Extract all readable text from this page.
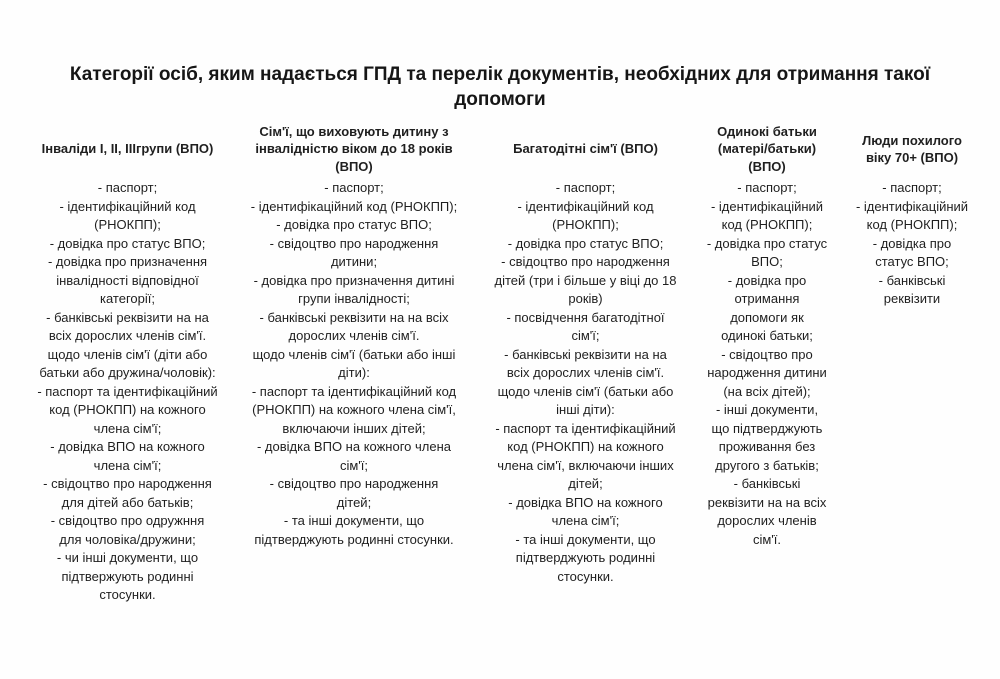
Категорії осіб, яким надається ГПД та перелік документів, необхідних для отримання такої
допомоги
Інваліди І, ІІ, ІІІгрупи (ВПО)
- паспорт;
- ідентифікаційний код
(РНОКПП);
- довідка про статус ВПО;
- довідка про призначення
інвалідності відповідної
категорії;
- банківські реквізити на на
всіх дорослих членів сім'ї.
щодо членів сім'ї (діти або
батьки або дружина/чоловік):
- паспорт та ідентифікаційний
код (РНОКПП) на кожного
члена сім'ї;
- довідка ВПО на кожного
члена сім'ї;
- свідоцтво про народження
для дітей або батьків;
- свідоцтво про одружння
для чоловіка/дружини;
- чи інші документи, що
підтвержують родинні
стосунки.
Сім'ї, що виховують дитину з
інвалідністю віком до 18 років
(ВПО)
- паспорт;
- ідентифікаційний код (РНОКПП);
- довідка про статус ВПО;
- свідоцтво про народження
дитини;
- довідка про призначення дитині
групи інвалідності;
- банківські реквізити на на всіх
дорослих членів сім'ї.
щодо членів сім'ї (батьки або інші
діти):
- паспорт та ідентифікаційний код
(РНОКПП) на кожного члена сім'ї,
включаючи інших дітей;
- довідка ВПО на кожного члена
сім'ї;
- свідоцтво про народження
дітей;
- та інші документи, що
підтверджують родинні стосунки.
Багатодітні сім'ї (ВПО)
- паспорт;
- ідентифікаційний код
(РНОКПП);
- довідка про статус ВПО;
- свідоцтво про народження
дітей (три і більше у віці до 18
років)
- посвідчення багатодітної
сім'ї;
- банківські реквізити на на
всіх дорослих членів сім'ї.
щодо членів сім'ї (батьки або
інші діти):
- паспорт та ідентифікаційний
код (РНОКПП) на кожного
члена сім'ї, включаючи інших
дітей;
- довідка ВПО на кожного
члена сім'ї;
- та інші документи, що
підтверджують родинні
стосунки.
Одинокі батьки
(матері/батьки)
(ВПО)
- паспорт;
- ідентифікаційний
код (РНОКПП);
- довідка про статус
ВПО;
- довідка про
отримання
допомоги як
одинокі батьки;
- свідоцтво про
народження дитини
(на всіх дітей);
- інші документи,
що підтверджують
проживання без
другого з батьків;
- банківські
реквізити на на всіх
дорослих членів
сім'ї.
Люди похилого
віку 70+ (ВПО)
- паспорт;
- ідентифікаційний
код (РНОКПП);
- довідка про
статус ВПО;
- банківські
реквізити
